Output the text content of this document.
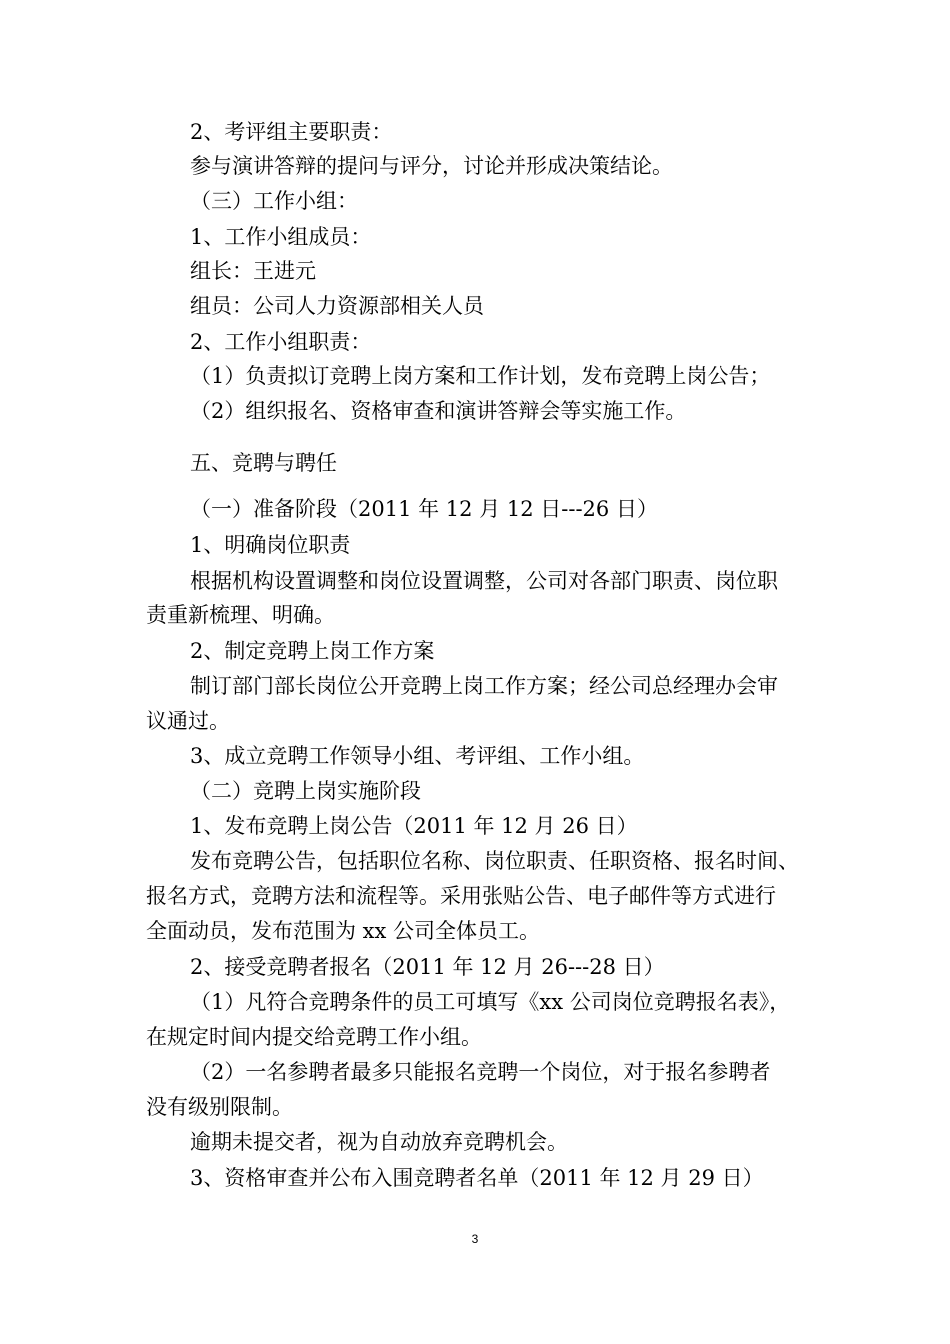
2、考评组主要职责：
参与演讲答辩的提问与评分，讨论并形成决策结论。
（三）工作小组：
1、工作小组成员：
组长：王进元
组员：公司人力资源部相关人员
2、工作小组职责：
（1）负责拟订竞聘上岗方案和工作计划，发布竞聘上岗公告；
（2）组织报名、资格审查和演讲答辩会等实施工作。
五、竞聘与聘任
（一）准备阶段（2011 年 12 月 12 日---26 日）
1、明确岗位职责
根据机构设置调整和岗位设置调整，公司对各部门职责、岗位职
责重新梳理、明确。
2、制定竞聘上岗工作方案
制订部门部长岗位公开竞聘上岗工作方案；经公司总经理办会审
议通过。
3、成立竞聘工作领导小组、考评组、工作小组。
（二）竞聘上岗实施阶段
1、发布竞聘上岗公告（2011 年 12 月 26 日）
发布竞聘公告，包括职位名称、岗位职责、任职资格、报名时间、
报名方式，竞聘方法和流程等。采用张贴公告、电子邮件等方式进行
全面动员，发布范围为 xx 公司全体员工。
2、接受竞聘者报名（2011 年 12 月 26---28 日）
（1）凡符合竞聘条件的员工可填写《xx 公司岗位竞聘报名表》，
在规定时间内提交给竞聘工作小组。
（2）一名参聘者最多只能报名竞聘一个岗位，对于报名参聘者
没有级别限制。
逾期未提交者，视为自动放弃竞聘机会。
3、资格审查并公布入围竞聘者名单（2011 年 12 月 29 日）
3
